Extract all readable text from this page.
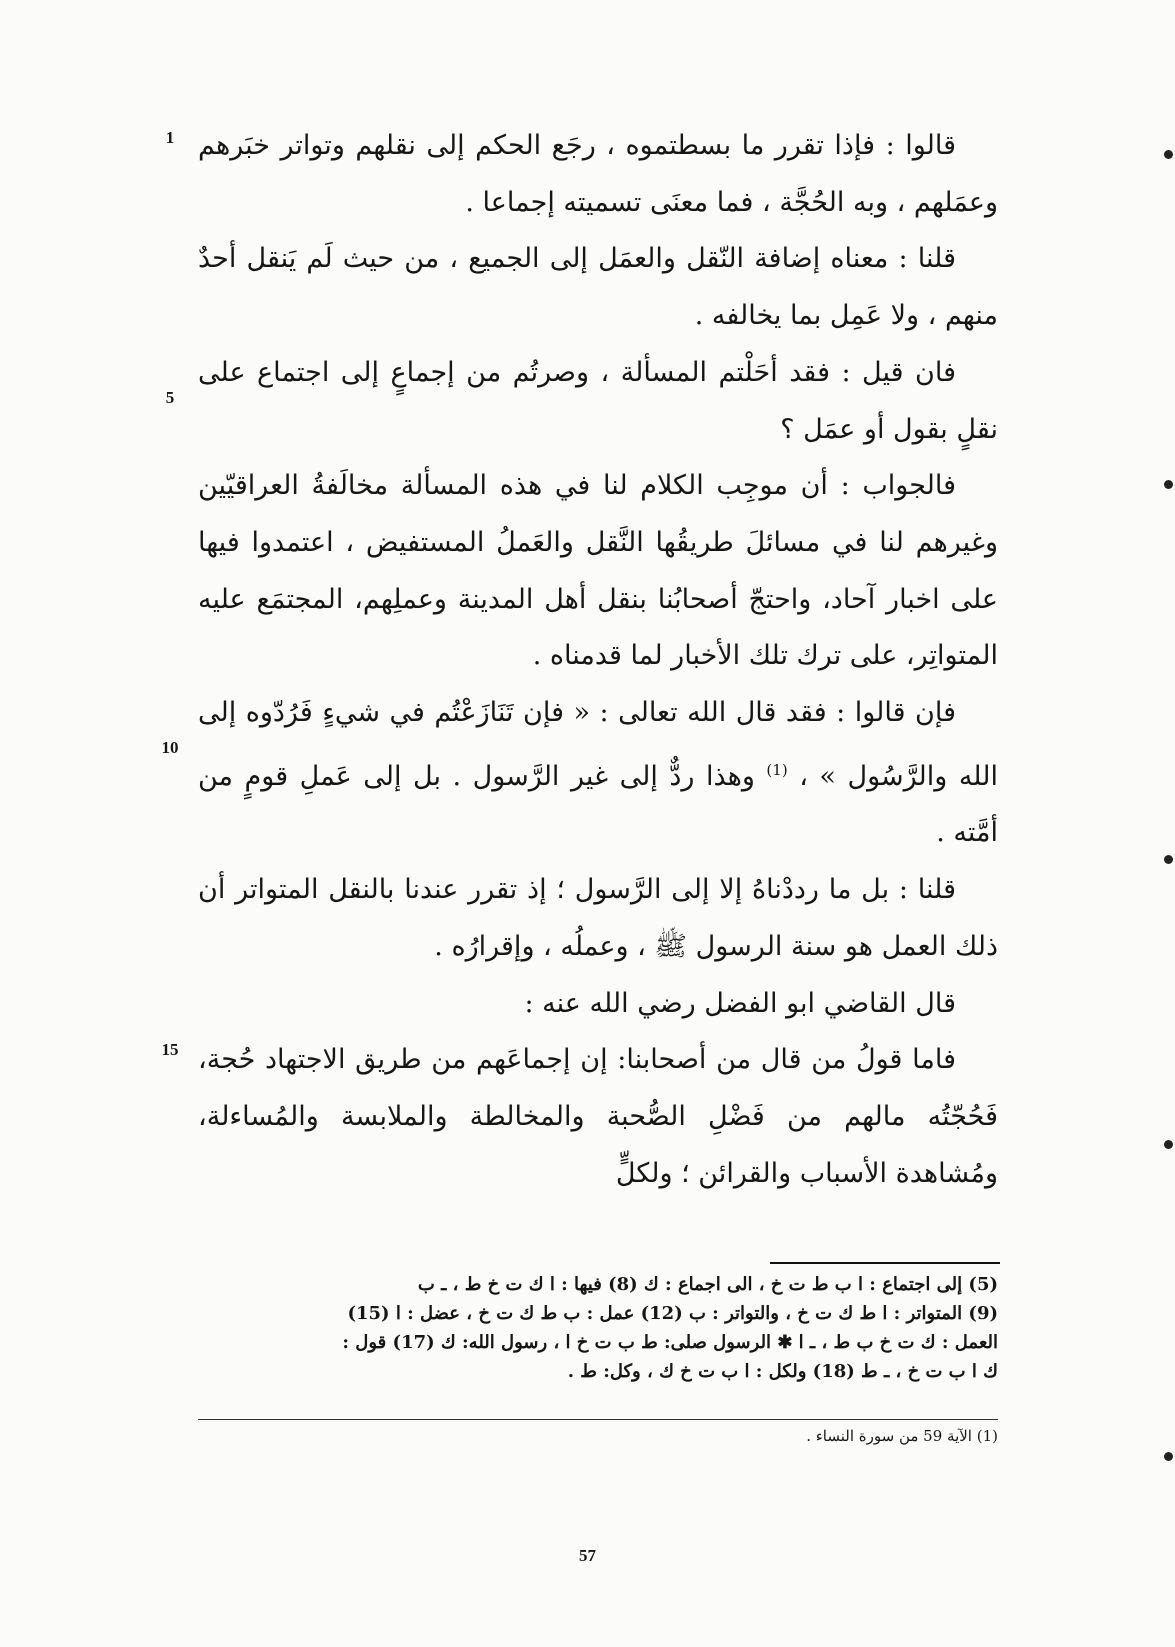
قالوا : فإذا تقرر ما بسطتموه ، رجَع الحكم إلى نقلهم وتواتر خبَرهم وعمَلهم ، وبه الحُجَّة ، فما معنَى تسميته إجماعا .

قلنا : معناه إضافة النّقل والعمَل إلى الجميع ، من حيث لَم يَنقل أحدٌ منهم ، ولا عَمِل بما يخالفه .

فان قيل : فقد أحَلْتم المسألة ، وصرتُم من إجماعٍ إلى اجتماع على نقلٍ بقول أو عمَل ؟

فالجواب : أن موجِب الكلام لنا في هذه المسألة مخالَفةُ العراقيّين وغيرهم لنا في مسائلَ طريقُها النَّقل والعَملُ المستفيض ، اعتمدوا فيها على اخبار آحاد، واحتجّ أصحابُنا بنقل أهل المدينة وعملِهم، المجتمَع عليه المتواتِر، على ترك تلك الأخبار لما قدمناه .

فإن قالوا : فقد قال الله تعالى : « فإن تَنَازَعْتُم في شيءٍ فَرُدّوه إلى الله والرَّسُول » ، $^{(1)}$ وهذا ردٌّ إلى غير الرَّسول . بل إلى عَملِ قومٍ من أمَّته .

قلنا : بل ما رددْناهُ إلا إلى الرَّسول ؛ إذ تقرر عندنا بالنقل المتواتر أن ذلك العمل هو سنة الرسول ﷺ ، وعملُه ، وإقرارُه .

قال القاضي ابو الفضل رضي الله عنه :

فاما قولُ من قال من أصحابنا: إن إجماعَهم من طريق الاجتهاد حُجة، فَحُجّتُه مالهم من فَضْلِ الصُّحبة والمخالطة والملابسة والمُساءلة، ومُشاهدة الأسباب والقرائن ؛ ولكلٍّ

1
5
10
15

(5) إلى اجتماع : ا ب ط ت خ ، الى اجماع : ك (8) فيها : ا ك ت خ ط ، ـ ب

(9) المتواتر : ا ط ك ت خ ، والتواتر : ب (12) عمل : ب ط ك ت خ ، عضل : ا (15)

العمل : ك ت خ ب ط ، ـ ا ✱ الرسول صلى: ط ب ت خ ا ، رسول الله: ك (17) قول :

ك ا ب ت خ ، ـ ط (18) ولكل : ا ب ت خ ك ، وكل: ط .

(1) الآية 59 من سورة النساء .
57
